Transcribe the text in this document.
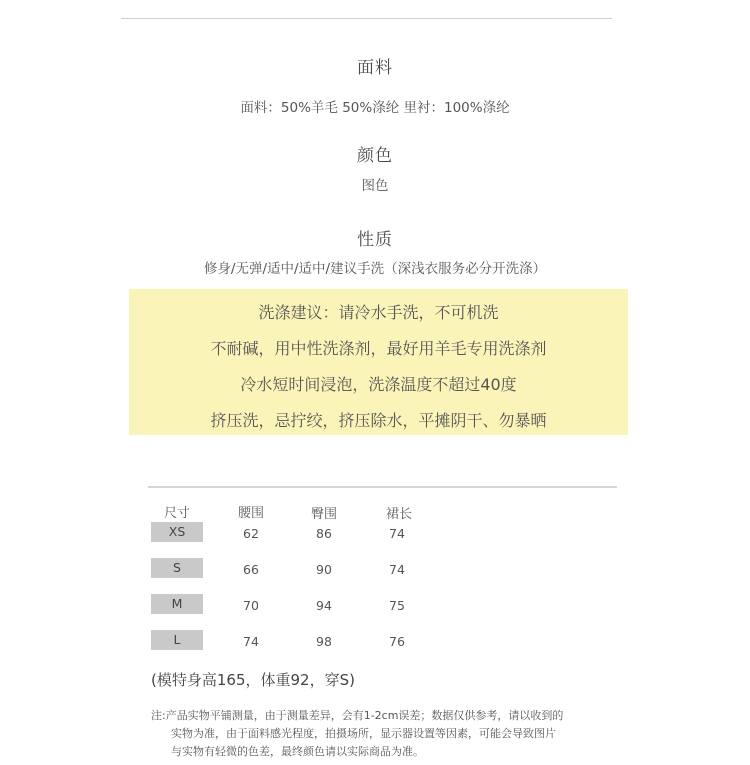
面料
面料：50%羊毛 50%涤纶 里衬：100%涤纶
颜色
图色
性质
修身/无弹/适中/适中/建议手洗（深浅衣服务必分开洗涤）
洗涤建议：请冷水手洗，不可机洗
不耐碱，用中性洗涤剂，最好用羊毛专用洗涤剂
冷水短时间浸泡，洗涤温度不超过40度
挤压洗，忌拧绞，挤压除水，平摊阴干、勿暴晒
尺寸	腰围	臀围	裙长
XS	62	86	74
S	66	90	74
M	70	94	75
L	74	98	76
(模特身高165，体重92，穿S)
注:产品实物平铺测量，由于测量差异，会有1-2cm误差；数据仅供参考，请以收到的
实物为准，由于面料感光程度，拍摄场所，显示器设置等因素，可能会导致图片
与实物有轻微的色差，最终颜色请以实际商品为准。
